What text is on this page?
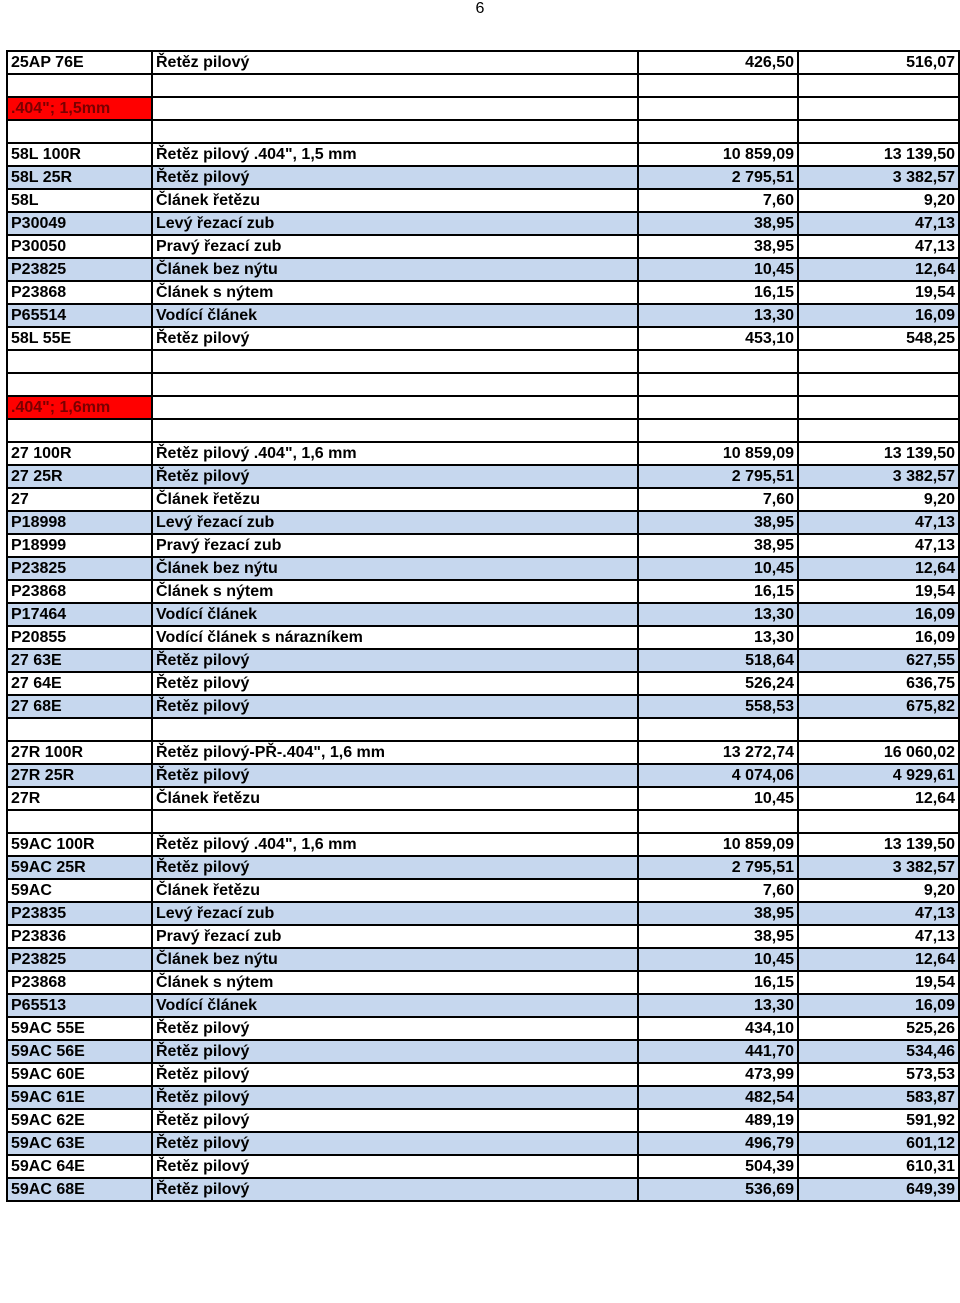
6
25AP 76E	Řetěz pilový	426,50	516,07

.404"; 1,5mm			

58L 100R	Řetěz pilový .404", 1,5 mm	10 859,09	13 139,50
58L 25R	Řetěz pilový	2 795,51	3 382,57
58L	Článek řetězu	7,60	9,20
P30049	Levý řezací zub	38,95	47,13
P30050	Pravý řezací zub	38,95	47,13
P23825	Článek bez nýtu	10,45	12,64
P23868	Článek s nýtem	16,15	19,54
P65514	Vodící článek	13,30	16,09
58L 55E	Řetěz pilový	453,10	548,25

.404"; 1,6mm			

27 100R	Řetěz pilový .404", 1,6 mm	10 859,09	13 139,50
27 25R	Řetěz pilový	2 795,51	3 382,57
27	Článek řetězu	7,60	9,20
P18998	Levý řezací zub	38,95	47,13
P18999	Pravý řezací zub	38,95	47,13
P23825	Článek bez nýtu	10,45	12,64
P23868	Článek s nýtem	16,15	19,54
P17464	Vodící článek	13,30	16,09
P20855	Vodící článek s nárazníkem	13,30	16,09
27 63E	Řetěz pilový	518,64	627,55
27 64E	Řetěz pilový	526,24	636,75
27 68E	Řetěz pilový	558,53	675,82

27R 100R	Řetěz pilový-PŘ-.404", 1,6 mm	13 272,74	16 060,02
27R 25R	Řetěz pilový	4 074,06	4 929,61
27R	Článek řetězu	10,45	12,64

59AC 100R	Řetěz pilový .404", 1,6 mm	10 859,09	13 139,50
59AC 25R	Řetěz pilový	2 795,51	3 382,57
59AC	Článek řetězu	7,60	9,20
P23835	Levý řezací zub	38,95	47,13
P23836	Pravý řezací zub	38,95	47,13
P23825	Článek bez nýtu	10,45	12,64
P23868	Článek s nýtem	16,15	19,54
P65513	Vodící článek	13,30	16,09
59AC 55E	Řetěz pilový	434,10	525,26
59AC 56E	Řetěz pilový	441,70	534,46
59AC 60E	Řetěz pilový	473,99	573,53
59AC 61E	Řetěz pilový	482,54	583,87
59AC 62E	Řetěz pilový	489,19	591,92
59AC 63E	Řetěz pilový	496,79	601,12
59AC 64E	Řetěz pilový	504,39	610,31
59AC 68E	Řetěz pilový	536,69	649,39
